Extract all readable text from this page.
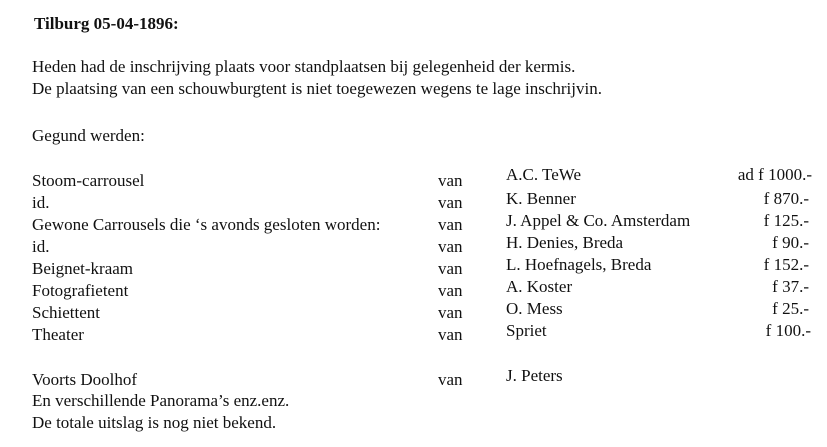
Tilburg 05-04-1896:
Heden had de inschrijving plaats voor standplaatsen bij gelegenheid der kermis.
De plaatsing van een schouwburgtent is niet toegewezen wegens te lage inschrijvin.
Gegund werden:
Stoom-carrousel	van	A.C. TeWe	ad f 1000.-
id.	van	K. Benner	f 870.-
Gewone Carrousels die ‘s avonds gesloten worden:	van	J. Appel & Co. Amsterdam	f 125.-
id.	van	H. Denies, Breda	f 90.-
Beignet-kraam	van	L. Hoefnagels, Breda	f 152.-
Fotografietent	van	A. Koster	f 37.-
Schiettent	van	O. Mess	f 25.-
Theater	van	Spriet	f 100.-
Voorts Doolhof	van	J. Peters
En verschillende Panorama’s enz.enz.
De totale uitslag is nog niet bekend.
